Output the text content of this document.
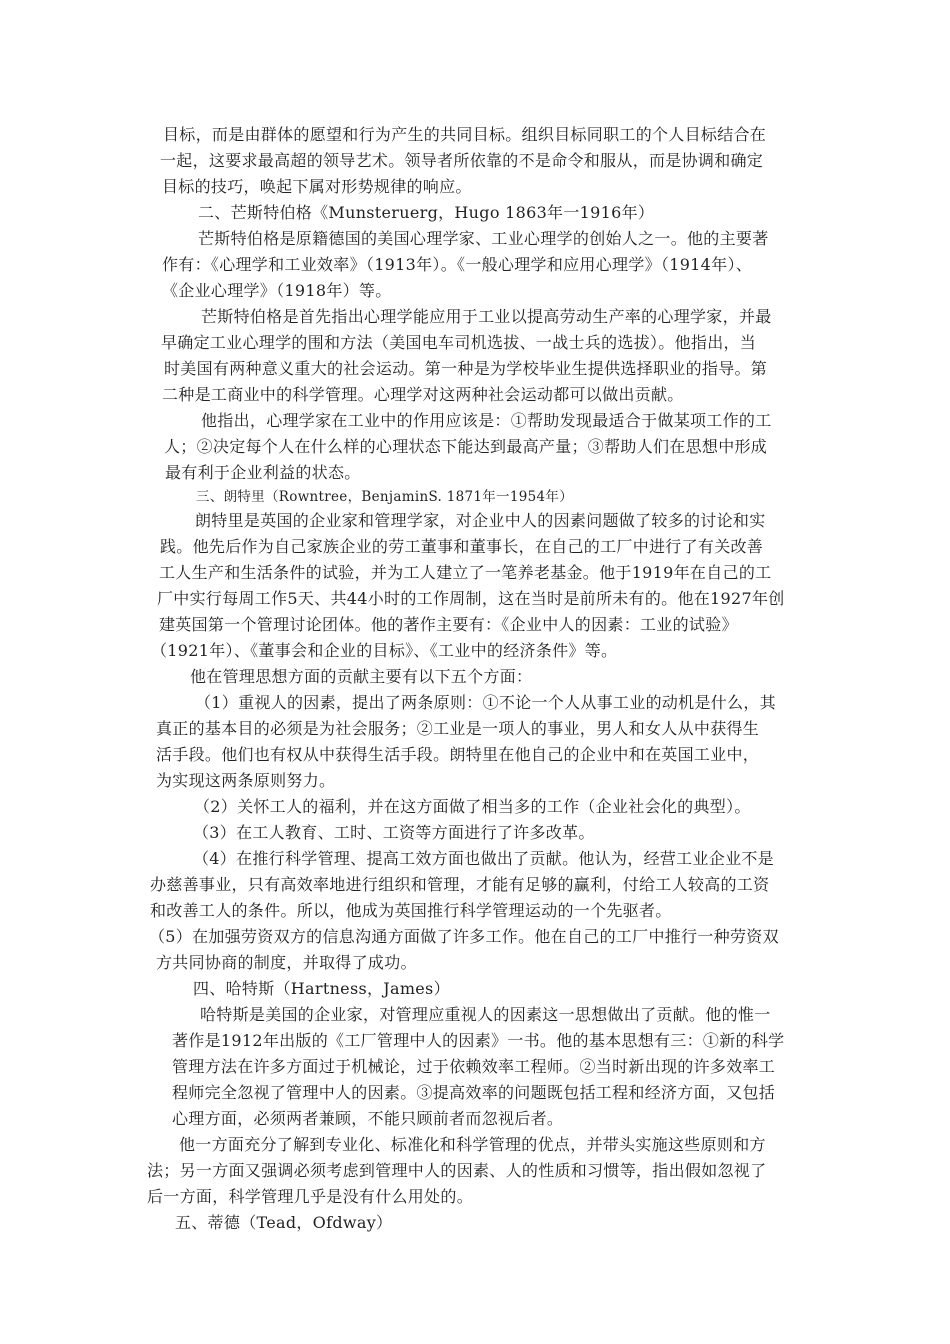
目标，而是由群体的愿望和行为产生的共同目标。组织目标同职工的个人目标结合在
一起，这要求最高超的领导艺术。领导者所依靠的不是命令和服从，而是协调和确定
目标的技巧，唤起下属对形势规律的响应。
二、芒斯特伯格《Munsteruerg，Hugo 1863年一1916年）
芒斯特伯格是原籍德国的美国心理学家、工业心理学的创始人之一。他的主要著
作有：《心理学和工业效率》（1913年）。《一般心理学和应用心理学》（1914年）、
《企业心理学》（1918年）等。
芒斯特伯格是首先指出心理学能应用于工业以提高劳动生产率的心理学家，并最
早确定工业心理学的围和方法（美国电车司机选拔、一战士兵的选拔）。他指出，当
时美国有两种意义重大的社会运动。第一种是为学校毕业生提供选择职业的指导。第
二种是工商业中的科学管理。心理学对这两种社会运动都可以做出贡献。
他指出，心理学家在工业中的作用应该是：①帮助发现最适合于做某项工作的工
人；②决定每个人在什么样的心理状态下能达到最高产量；③帮助人们在思想中形成
最有利于企业利益的状态。
三、朗特里（Rowntree，BenjaminS. 1871年一1954年）
朗特里是英国的企业家和管理学家，对企业中人的因素问题做了较多的讨论和实
践。他先后作为自己家族企业的劳工董事和董事长，在自己的工厂中进行了有关改善
工人生产和生活条件的试验，并为工人建立了一笔养老基金。他于1919年在自己的工
厂中实行每周工作5天、共44小时的工作周制，这在当时是前所未有的。他在1927年创
建英国第一个管理讨论团体。他的著作主要有：《企业中人的因素：工业的试验》
（1921年）、《董事会和企业的目标》、《工业中的经济条件》等。
他在管理思想方面的贡献主要有以下五个方面：
（1）重视人的因素，提出了两条原则：①不论一个人从事工业的动机是什么，其
真正的基本目的必须是为社会服务；②工业是一项人的事业，男人和女人从中获得生
活手段。他们也有权从中获得生活手段。朗特里在他自己的企业中和在英国工业中，
为实现这两条原则努力。
（2）关怀工人的福利，并在这方面做了相当多的工作（企业社会化的典型）。
（3）在工人教育、工时、工资等方面进行了许多改革。
（4）在推行科学管理、提高工效方面也做出了贡献。他认为，经营工业企业不是
办慈善事业，只有高效率地进行组织和管理，才能有足够的赢利，付给工人较高的工资
和改善工人的条件。所以，他成为英国推行科学管理运动的一个先驱者。
（5）在加强劳资双方的信息沟通方面做了许多工作。他在自己的工厂中推行一种劳资双
方共同协商的制度，并取得了成功。
四、哈特斯（Hartness，James）
哈特斯是美国的企业家，对管理应重视人的因素这一思想做出了贡献。他的惟一
著作是1912年出版的《工厂管理中人的因素》一书。他的基本思想有三：①新的科学
管理方法在许多方面过于机械论，过于依赖效率工程师。②当时新出现的许多效率工
程师完全忽视了管理中人的因素。③提高效率的问题既包括工程和经济方面，又包括
心理方面，必须两者兼顾，不能只顾前者而忽视后者。
他一方面充分了解到专业化、标准化和科学管理的优点，并带头实施这些原则和方
法；另一方面又强调必须考虑到管理中人的因素、人的性质和习惯等，指出假如忽视了
后一方面，科学管理几乎是没有什么用处的。
五、蒂德（Tead，Ofdway）
